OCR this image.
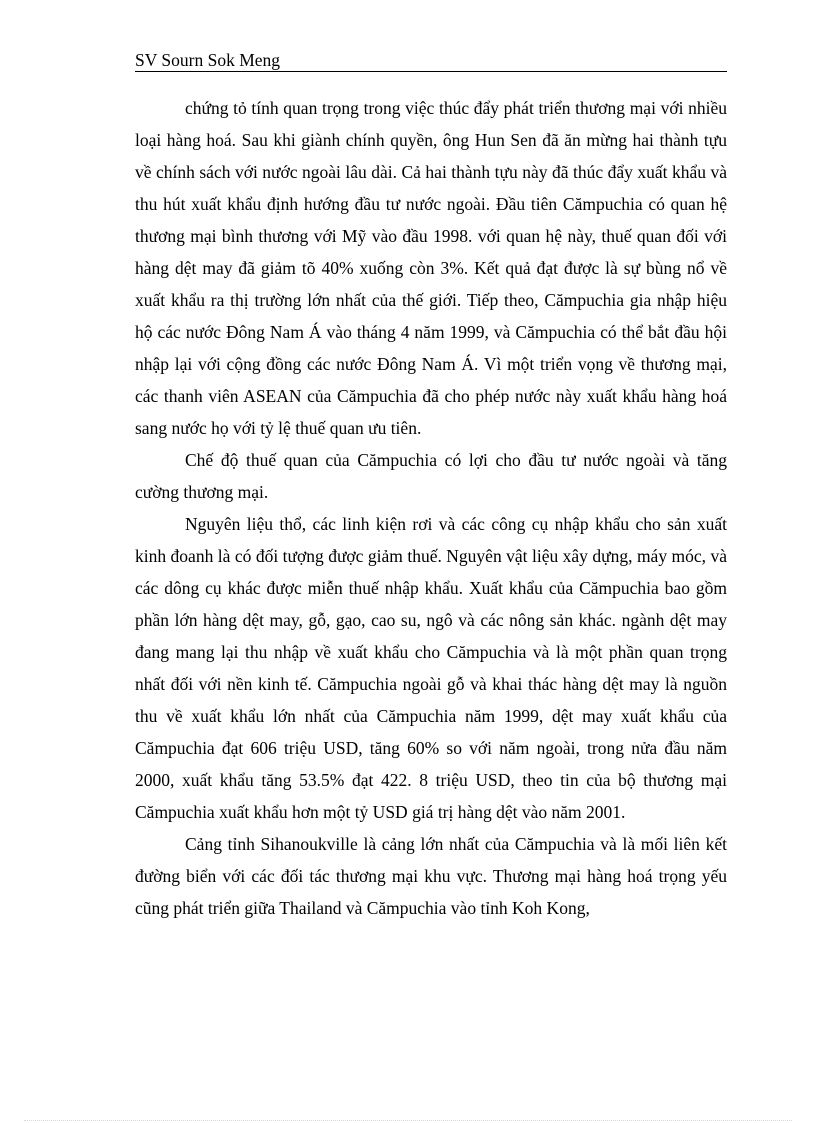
SV Sourn Sok Meng

chứng tỏ tính quan trọng trong việc thúc đẩy phát triển thương mại với nhiều loại hàng hoá. Sau khi giành chính quyền, ông Hun Sen đã ăn mừng hai thành tựu về chính sách với nước ngoài lâu dài. Cả hai thành tựu này đã thúc đẩy xuất khẩu và thu hút xuất khẩu định hướng đầu tư nước ngoài. Đầu tiên Cămpuchia có quan hệ thương mại bình thương với Mỹ vào đầu 1998. với quan hệ này, thuế quan đối với hàng dệt may đã giảm tõ 40% xuống còn 3%. Kết quả đạt được là sự bùng nổ về xuất khẩu ra thị trường lớn nhất của thế giới. Tiếp theo, Cămpuchia gia nhập hiệu hộ các nước Đông Nam Á vào tháng 4 năm 1999, và Cămpuchia có thể bắt đầu hội nhập lại với cộng đồng các nước Đông Nam Á. Vì một triển vọng về thương mại, các thanh viên ASEAN của Cămpuchia đã cho phép nước này xuất khẩu hàng hoá sang nước họ với tỷ lệ thuế quan ưu tiên.

Chế độ thuế quan của Cămpuchia có lợi cho đầu tư nước ngoài và tăng cường thương mại.

Nguyên liệu thổ, các linh kiện rơi và các công cụ nhập khẩu cho sản xuất kinh đoanh là có đối tượng được giảm thuế. Nguyên vật liệu xây dựng, máy móc, và các dông cụ khác được miễn thuế nhập khẩu. Xuất khẩu của Cămpuchia bao gồm phần lớn hàng dệt may, gỗ, gạo, cao su, ngô và các nông sản khác. ngành dệt may đang mang lại thu nhập về xuất khẩu cho Cămpuchia và là một phần quan trọng nhất đối với nền kinh tế. Cămpuchia ngoài gỗ và khai thác hàng dệt may là nguồn thu về xuất khẩu lớn nhất của Cămpuchia năm 1999, dệt may xuất khẩu của Cămpuchia đạt 606 triệu USD, tăng 60% so với năm ngoài, trong nửa đầu năm 2000, xuất khẩu tăng 53.5% đạt 422. 8 triệu USD, theo tin của bộ thương mại Cămpuchia xuất khẩu hơn một tỷ USD giá trị hàng dệt vào năm 2001.

Cảng tỉnh Sihanoukville là cảng lớn nhất của Cămpuchia và là mối liên kết đường biển với các đối tác thương mại khu vực. Thương mại hàng hoá trọng yếu cũng phát triển giữa Thailand và Cămpuchia vào tỉnh Koh Kong,
